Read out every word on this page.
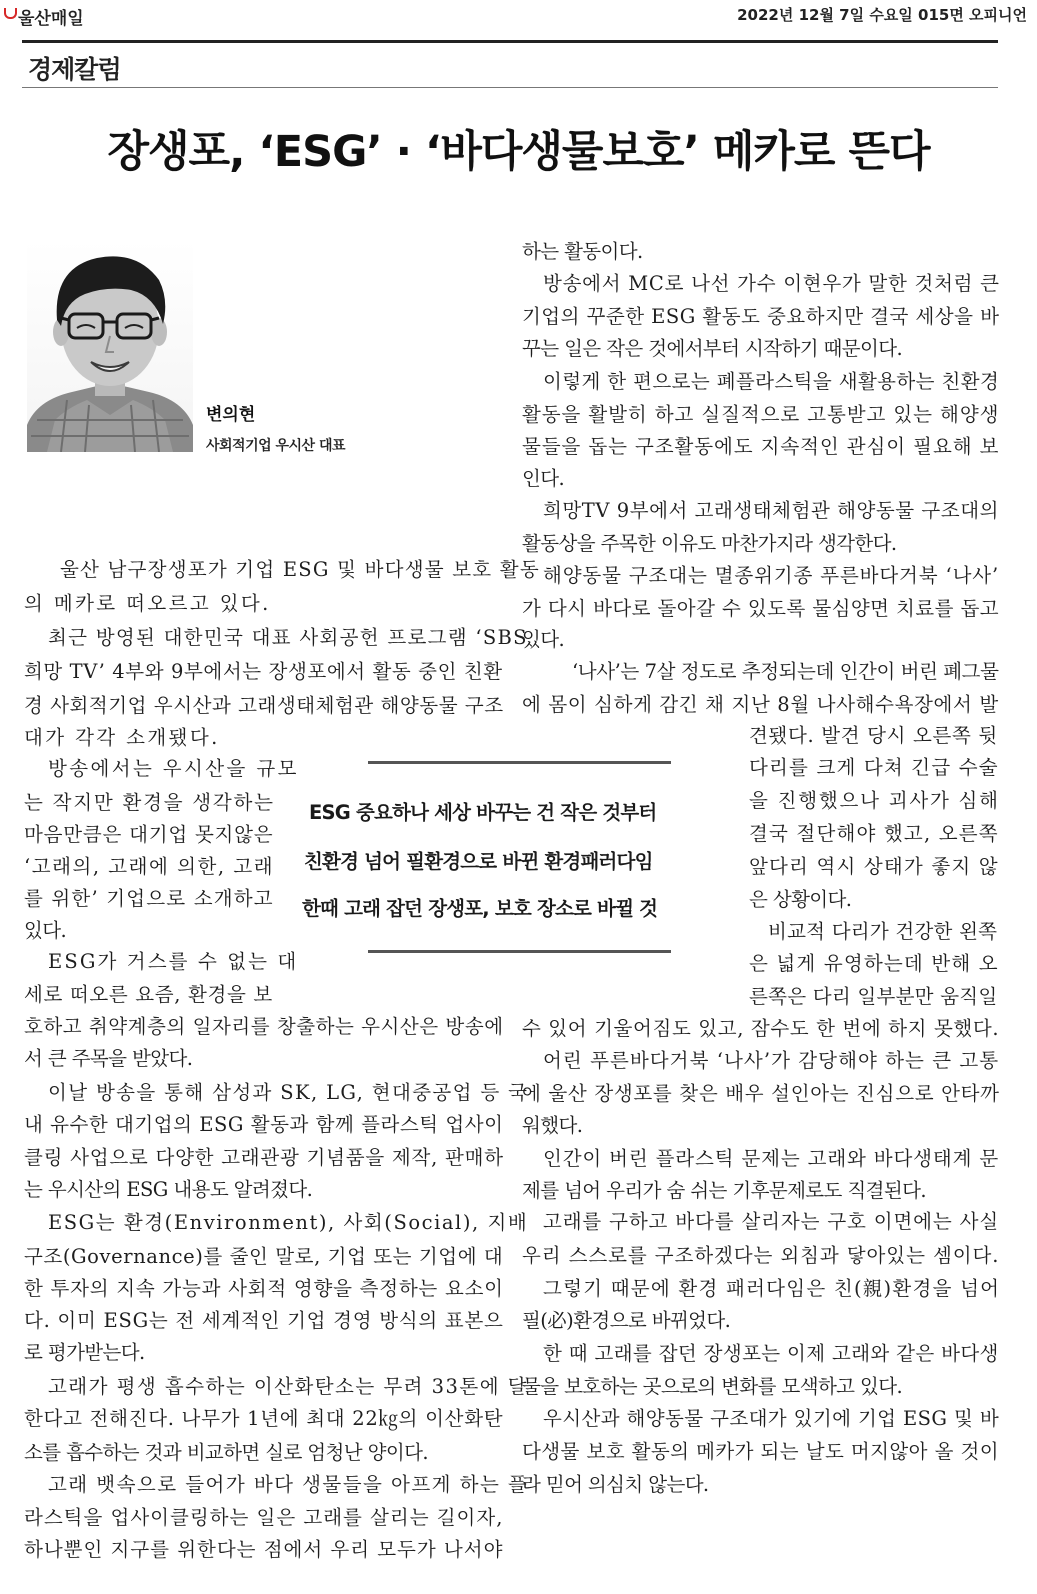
울산매일	2022년 12월 7일 수요일 015면 오피니언
경제칼럼
장생포, ‘ESG’ · ‘바다생물보호’ 메카로 뜬다
변의현
사회적기업 우시산 대표
ESG 중요하나 세상 바꾸는 건 작은 것부터
친환경 넘어 필환경으로 바뀐 환경패러다임
한때 고래 잡던 장생포, 보호 장소로 바뀔 것
울산 남구장생포가 기업 ESG 및 바다생물 보호 활동
의 메카로 떠오르고 있다.
최근 방영된 대한민국 대표 사회공헌 프로그램 ‘SBS
희망 TV’ 4부와 9부에서는 장생포에서 활동 중인 친환
경 사회적기업 우시산과 고래생태체험관 해양동물 구조
대가 각각 소개됐다.
방송에서는 우시산을 규모
는 작지만 환경을 생각하는
마음만큼은 대기업 못지않은
‘고래의, 고래에 의한, 고래
를 위한’ 기업으로 소개하고
있다.
ESG가 거스를 수 없는 대
세로 떠오른 요즘, 환경을 보
호하고 취약계층의 일자리를 창출하는 우시산은 방송에
서 큰 주목을 받았다.
이날 방송을 통해 삼성과 SK, LG, 현대중공업 등 국
내 유수한 대기업의 ESG 활동과 함께 플라스틱 업사이
클링 사업으로 다양한 고래관광 기념품을 제작, 판매하
는 우시산의 ESG 내용도 알려졌다.
ESG는 환경(Environment), 사회(Social), 지배
구조(Governance)를 줄인 말로, 기업 또는 기업에 대
한 투자의 지속 가능과 사회적 영향을 측정하는 요소이
다. 이미 ESG는 전 세계적인 기업 경영 방식의 표본으
로 평가받는다.
고래가 평생 흡수하는 이산화탄소는 무려 33톤에 달
한다고 전해진다. 나무가 1년에 최대 22㎏의 이산화탄
소를 흡수하는 것과 비교하면 실로 엄청난 양이다.
고래 뱃속으로 들어가 바다 생물들을 아프게 하는 플
라스틱을 업사이클링하는 일은 고래를 살리는 길이자,
하나뿐인 지구를 위한다는 점에서 우리 모두가 나서야
하는 활동이다.
방송에서 MC로 나선 가수 이현우가 말한 것처럼 큰
기업의 꾸준한 ESG 활동도 중요하지만 결국 세상을 바
꾸는 일은 작은 것에서부터 시작하기 때문이다.
이렇게 한 편으로는 폐플라스틱을 새활용하는 친환경
활동을 활발히 하고 실질적으로 고통받고 있는 해양생
물들을 돕는 구조활동에도 지속적인 관심이 필요해 보
인다.
희망TV 9부에서 고래생태체험관 해양동물 구조대의
활동상을 주목한 이유도 마찬가지라 생각한다.
해양동물 구조대는 멸종위기종 푸른바다거북 ‘나사’
가 다시 바다로 돌아갈 수 있도록 물심양면 치료를 돕고
있다.
‘나사’는 7살 정도로 추정되는데 인간이 버린 폐그물
에 몸이 심하게 감긴 채 지난 8월 나사해수욕장에서 발
견됐다. 발견 당시 오른쪽 뒷
다리를 크게 다쳐 긴급 수술
을 진행했으나 괴사가 심해
결국 절단해야 했고, 오른쪽
앞다리 역시 상태가 좋지 않
은 상황이다.
비교적 다리가 건강한 왼쪽
은 넓게 유영하는데 반해 오
른쪽은 다리 일부분만 움직일
수 있어 기울어짐도 있고, 잠수도 한 번에 하지 못했다.
어린 푸른바다거북 ‘나사’가 감당해야 하는 큰 고통
에 울산 장생포를 찾은 배우 설인아는 진심으로 안타까
워했다.
인간이 버린 플라스틱 문제는 고래와 바다생태계 문
제를 넘어 우리가 숨 쉬는 기후문제로도 직결된다.
고래를 구하고 바다를 살리자는 구호 이면에는 사실
우리 스스로를 구조하겠다는 외침과 닿아있는 셈이다.
그렇기 때문에 환경 패러다임은 친(親)환경을 넘어
필(必)환경으로 바뀌었다.
한 때 고래를 잡던 장생포는 이제 고래와 같은 바다생
물을 보호하는 곳으로의 변화를 모색하고 있다.
우시산과 해양동물 구조대가 있기에 기업 ESG 및 바
다생물 보호 활동의 메카가 되는 날도 머지않아 올 것이
라 믿어 의심치 않는다.
